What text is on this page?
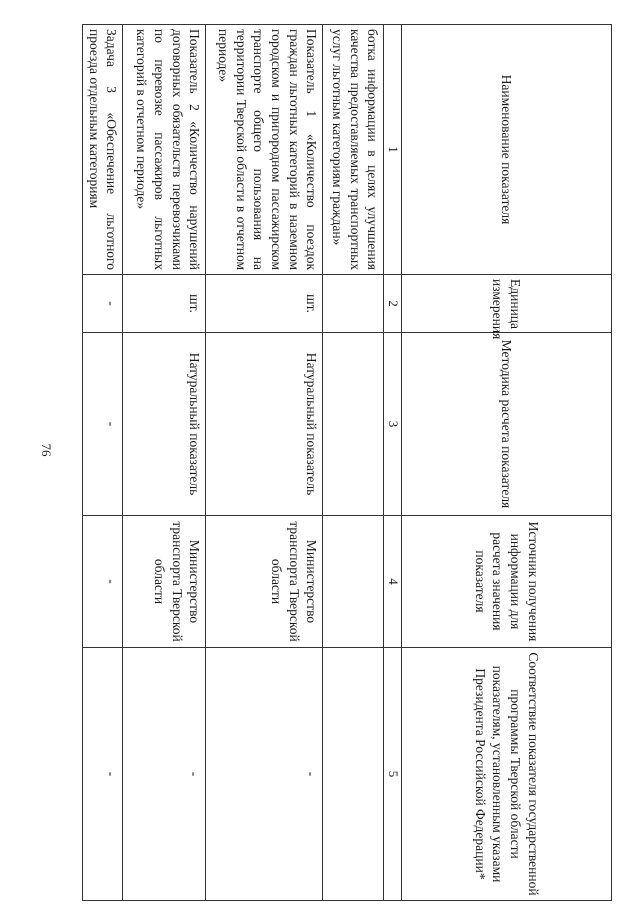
76
Наименование показателя	Единица измерения	Методика расчета показателя	Источник получения информации для расчета значения показателя	Соответствие показателя государственной программы Тверской области показателям, установленным указами Президента Российской Федерации*
1	2	3	4	5
ботка информации в целях улучшения качества предоставляемых транспортных услуг льготным категориям граждан»				
Показатель 1 «Количество поездок граждан льготных категорий в наземном городском и пригородном пассажирском транспорте общего пользования на территории Тверской области в отчетном периоде»	шт.	Натуральный показатель	Министерство транспорта Тверской области	-
Показатель 2 «Количество нарушений договорных обязательств перевозчиками по перевозке пассажиров льготных категорий в отчетном периоде»	шт.	Натуральный показатель	Министерство транспорта Тверской области	-
Задача 3 «Обеспечение льготного проезда отдельным категориям	-	-	-	-
